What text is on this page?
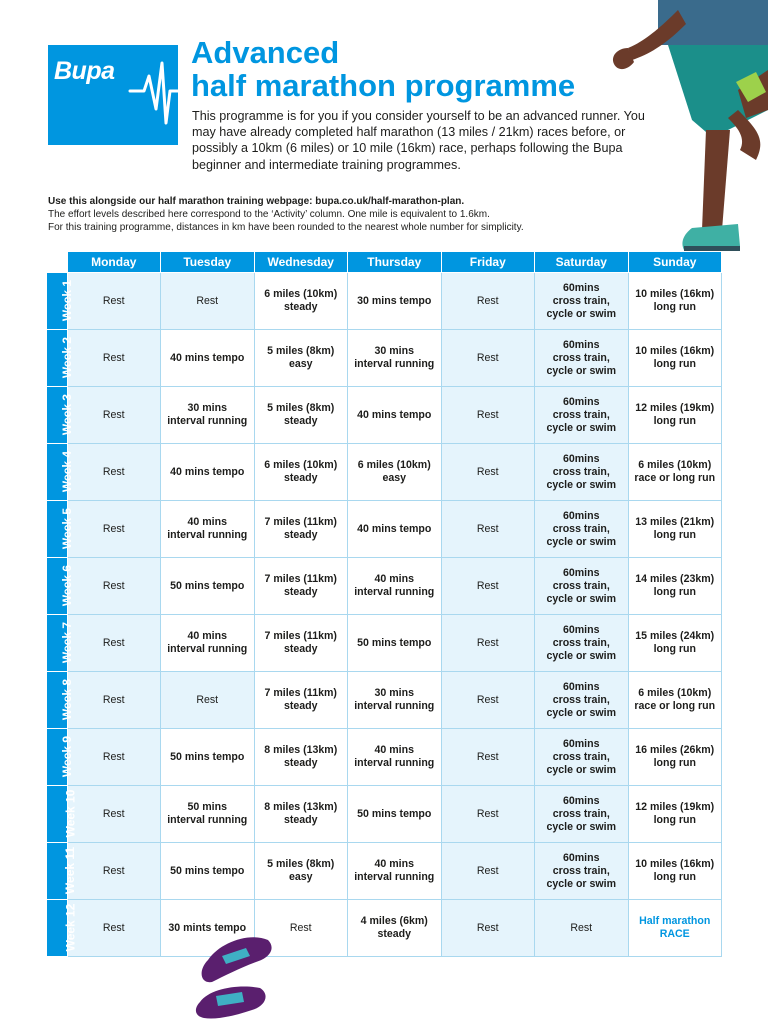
Bupa
Advanced
half marathon programme

This programme is for you if you consider yourself to be an advanced runner. You may have already completed half marathon (13 miles / 21km) races before, or possibly a 10km (6 miles) or 10 mile (16km) race, perhaps following the Bupa beginner and intermediate training programmes.

Use this alongside our half marathon training webpage: bupa.co.uk/half-marathon-plan.
The effort levels described here correspond to the ‘Activity’ column. One mile is equivalent to 1.6km.
For this training programme, distances in km have been rounded to the nearest whole number for simplicity.
	Monday	Tuesday	Wednesday	Thursday	Friday	Saturday	Sunday
Week 1	Rest	Rest	6 miles (10km)
steady	30 mins tempo	Rest	60mins
cross train,
cycle or swim	10 miles (16km)
long run
Week 2	Rest	40 mins tempo	5 miles (8km)
easy	30 mins
interval running	Rest	60mins
cross train,
cycle or swim	10 miles (16km)
long run
Week 3	Rest	30 mins
interval running	5 miles (8km)
steady	40 mins tempo	Rest	60mins
cross train,
cycle or swim	12 miles (19km)
long run
Week 4	Rest	40 mins tempo	6 miles (10km)
steady	6 miles (10km)
easy	Rest	60mins
cross train,
cycle or swim	6 miles (10km)
race or long run
Week 5	Rest	40 mins
interval running	7 miles (11km)
steady	40 mins tempo	Rest	60mins
cross train,
cycle or swim	13 miles (21km)
long run
Week 6	Rest	50 mins tempo	7 miles (11km)
steady	40 mins
interval running	Rest	60mins
cross train,
cycle or swim	14 miles (23km)
long run
Week 7	Rest	40 mins
interval running	7 miles (11km)
steady	50 mins tempo	Rest	60mins
cross train,
cycle or swim	15 miles (24km)
long run
Week 8	Rest	Rest	7 miles (11km)
steady	30 mins
interval running	Rest	60mins
cross train,
cycle or swim	6 miles (10km)
race or long run
Week 9	Rest	50 mins tempo	8 miles (13km)
steady	40 mins
interval running	Rest	60mins
cross train,
cycle or swim	16 miles (26km)
long run
Week 10	Rest	50 mins
interval running	8 miles (13km)
steady	50 mins tempo	Rest	60mins
cross train,
cycle or swim	12 miles (19km)
long run
Week 11	Rest	50 mins tempo	5 miles (8km)
easy	40 mins
interval running	Rest	60mins
cross train,
cycle or swim	10 miles (16km)
long run
Week 12	Rest	30 mints tempo	Rest	4 miles (6km)
steady	Rest	Rest	Half marathon
RACE
